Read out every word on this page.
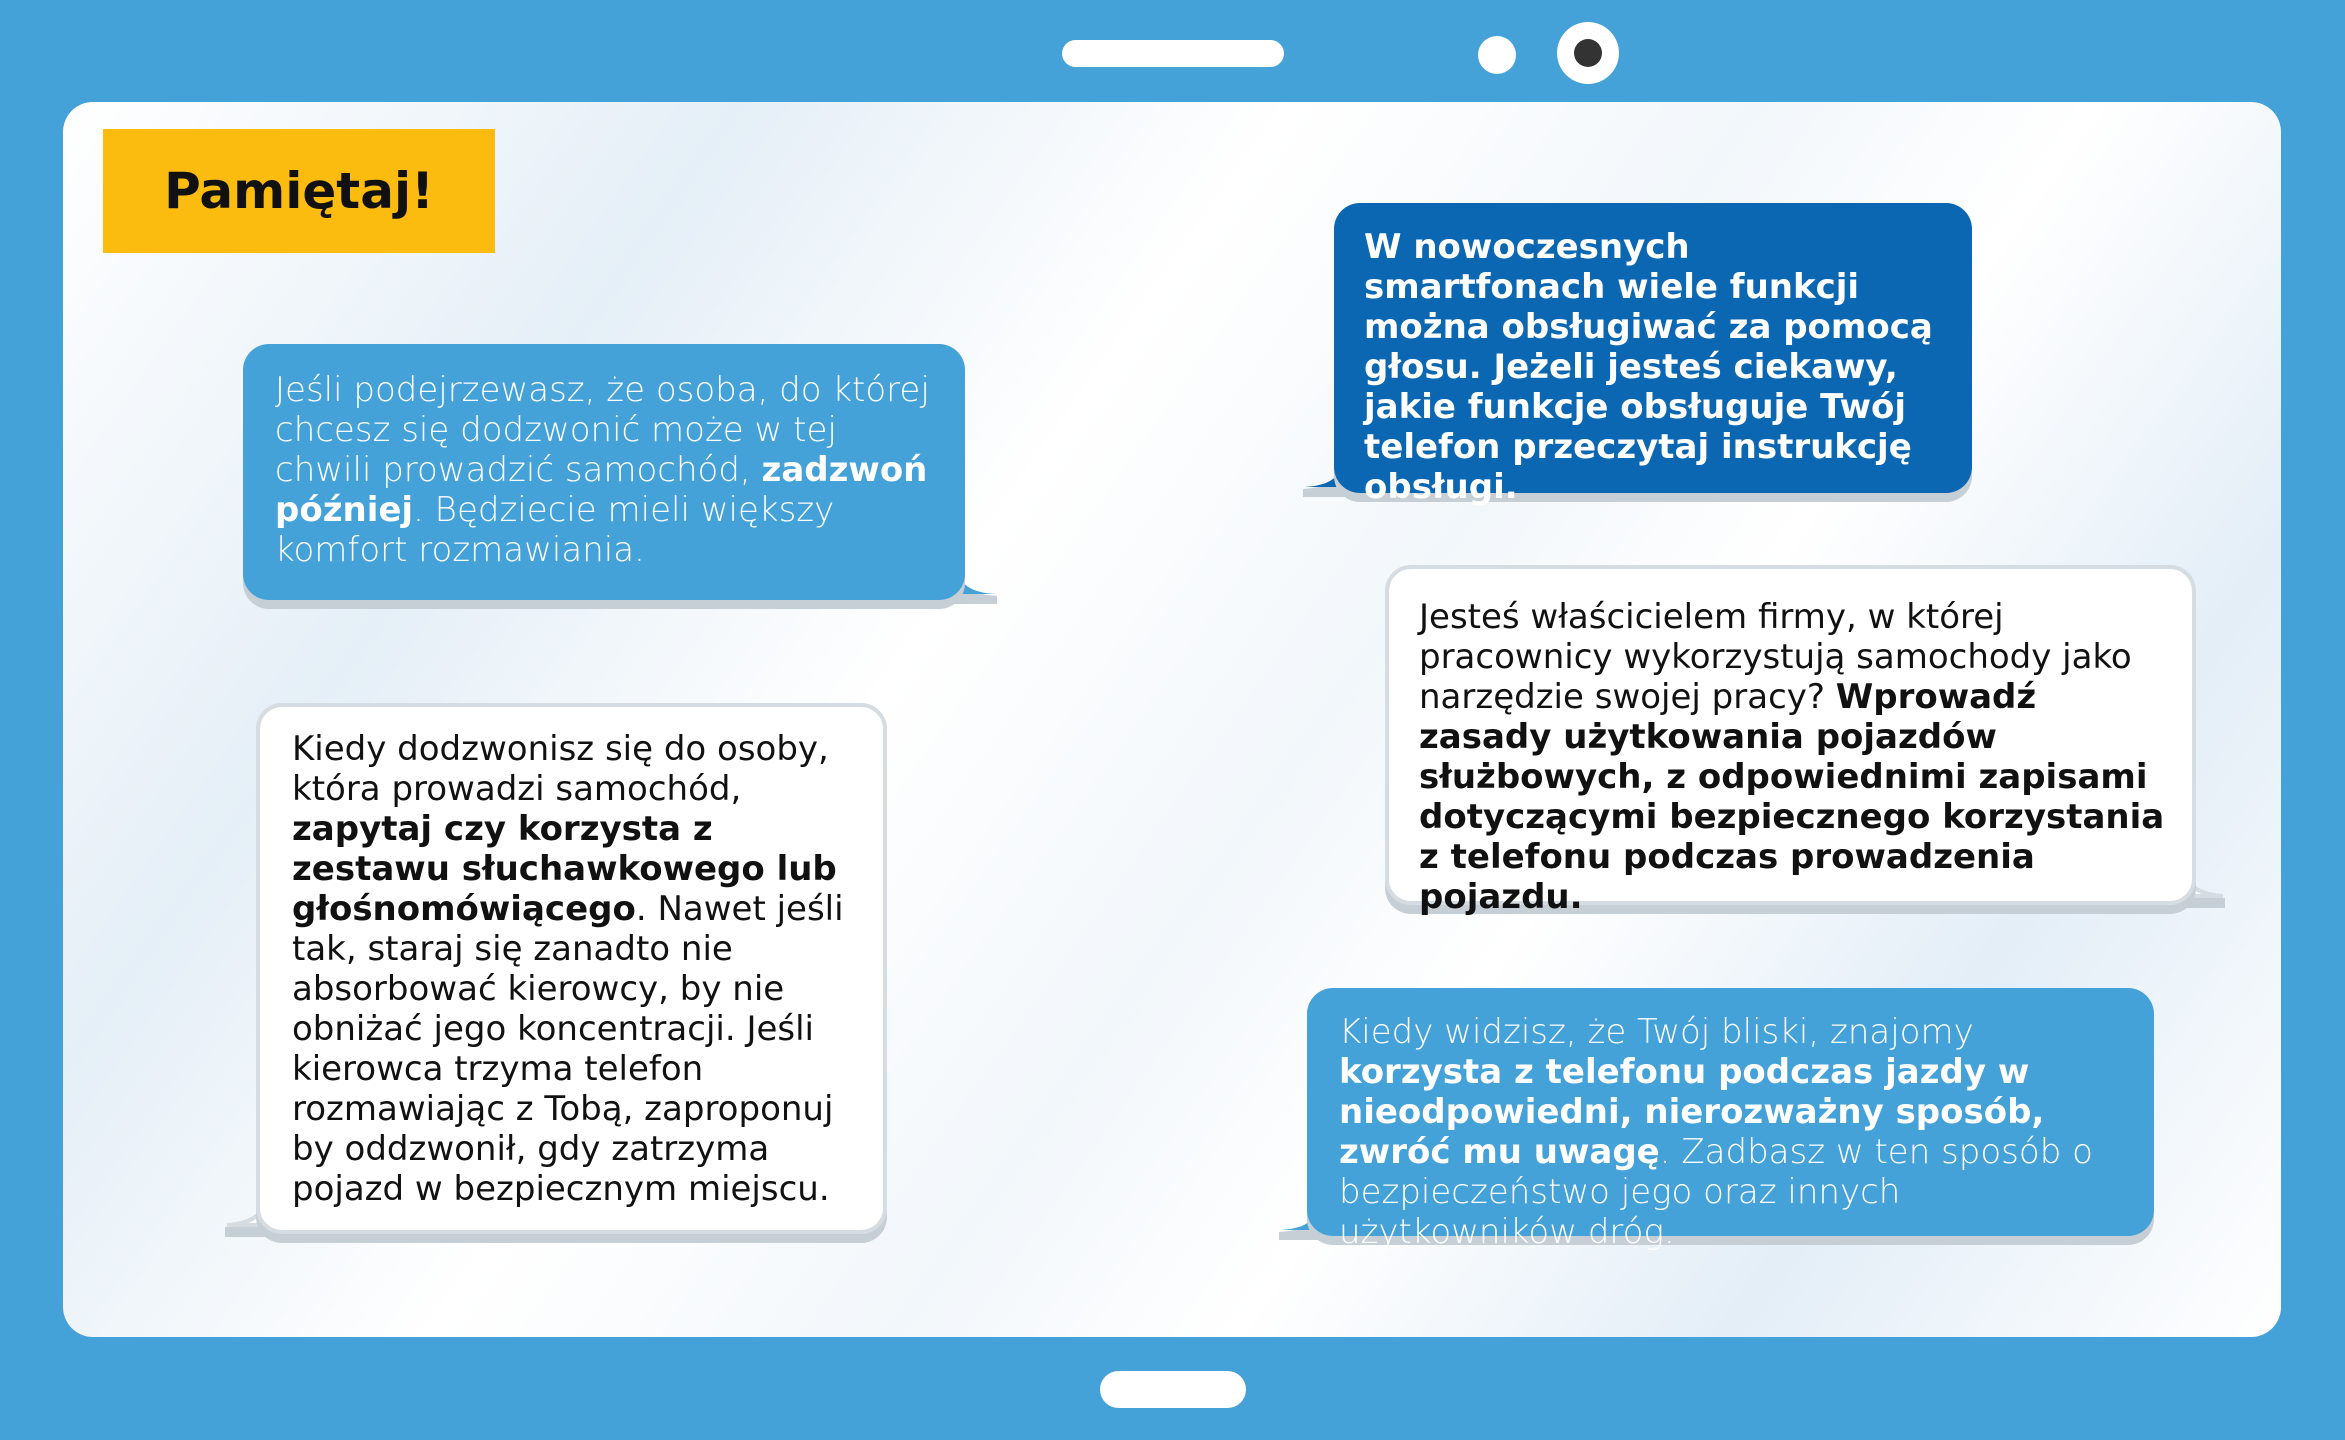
Pamiętaj!

Jeśli podejrzewasz, że osoba, do której chcesz się dodzwonić może w tej chwili prowadzić samochód, zadzwoń później. Będziecie mieli większy komfort rozmawiania.

W nowoczesnych smartfonach wiele funkcji można obsługiwać za pomocą głosu. Jeżeli jesteś ciekawy, jakie funkcje obsługuje Twój telefon przeczytaj instrukcję obsługi.

Kiedy dodzwonisz się do osoby, która prowadzi samochód, zapytaj czy korzysta z zestawu słuchawkowego lub głośnomówiącego. Nawet jeśli tak, staraj się zanadto nie absorbować kierowcy, by nie obniżać jego koncentracji. Jeśli kierowca trzyma telefon rozmawiając z Tobą, zaproponuj by oddzwonił, gdy zatrzyma pojazd w bezpiecznym miejscu.

Jesteś właścicielem firmy, w której pracownicy wykorzystują samochody jako narzędzie swojej pracy? Wprowadź zasady użytkowania pojazdów służbowych, z odpowiednimi zapisami dotyczącymi bezpiecznego korzystania z telefonu podczas prowadzenia pojazdu.

Kiedy widzisz, że Twój bliski, znajomy korzysta z telefonu podczas jazdy w nieodpowiedni, nierozważny sposób, zwróć mu uwagę. Zadbasz w ten sposób o bezpieczeństwo jego oraz innych użytkowników dróg.
